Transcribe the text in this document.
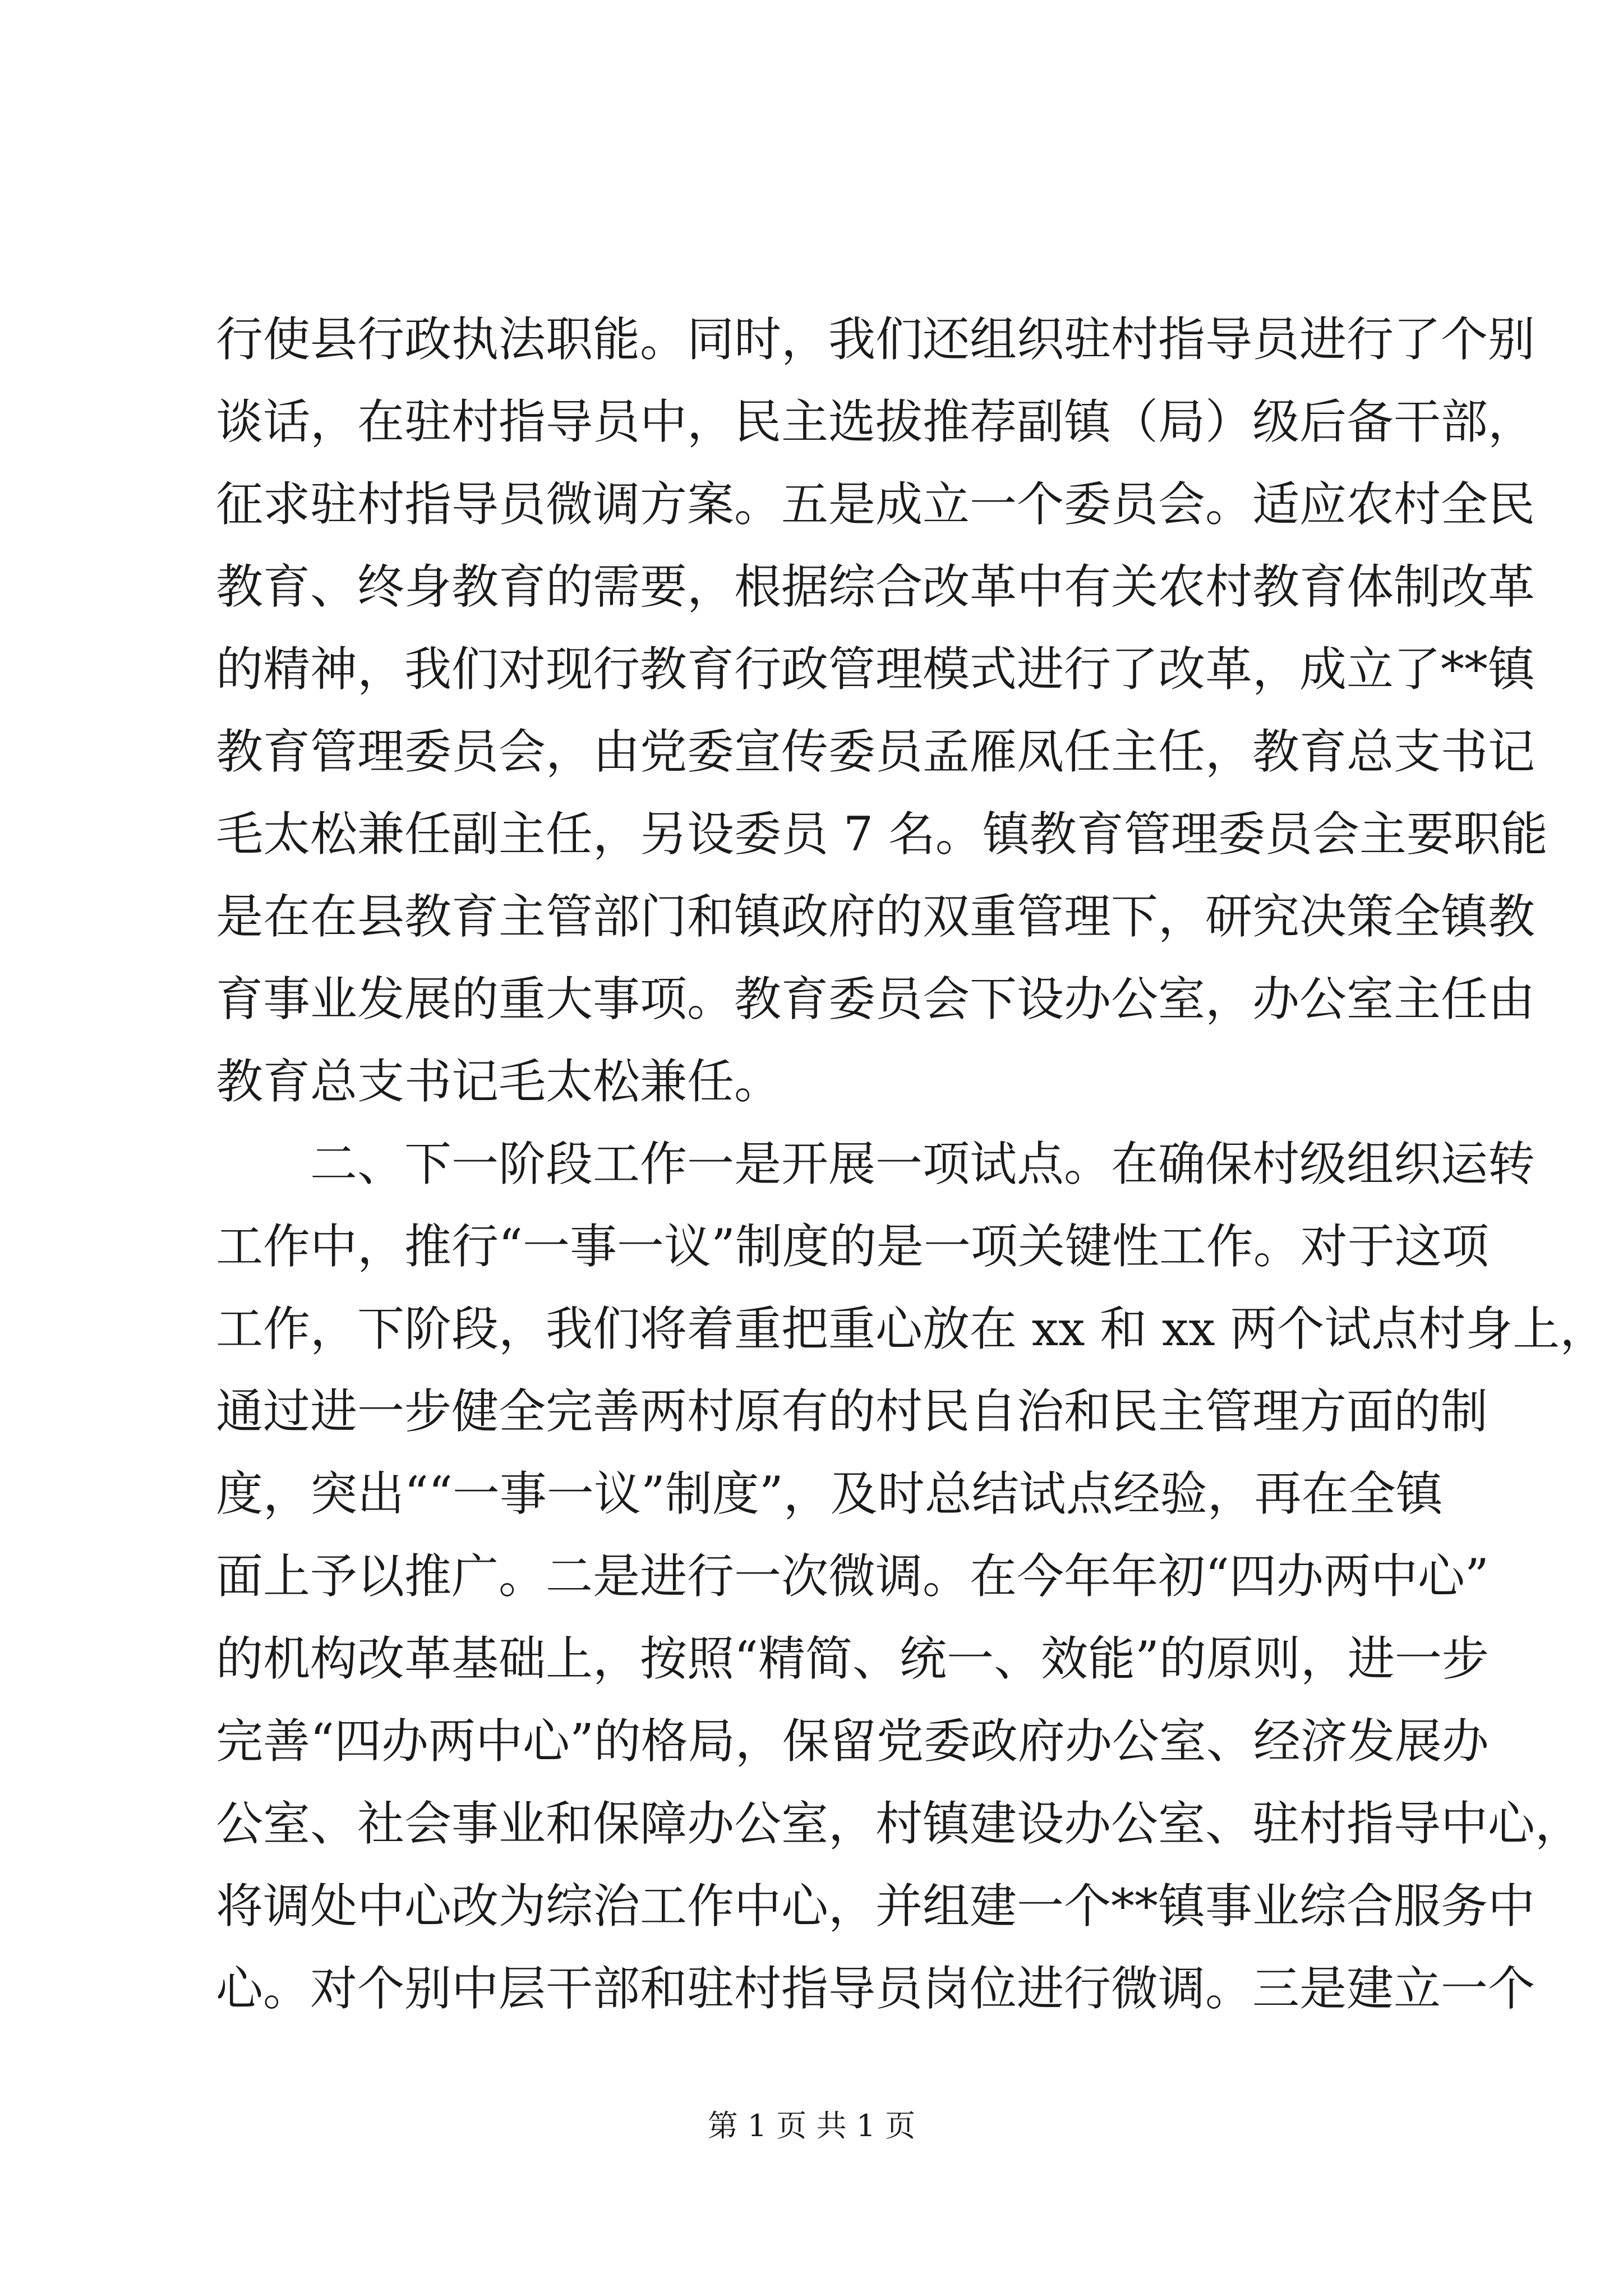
行使县行政执法职能。同时，我们还组织驻村指导员进行了个别
谈话，在驻村指导员中，民主选拔推荐副镇（局）级后备干部，
征求驻村指导员微调方案。五是成立一个委员会。适应农村全民
教育、终身教育的需要，根据综合改革中有关农村教育体制改革
的精神，我们对现行教育行政管理模式进行了改革，成立了**镇
教育管理委员会，由党委宣传委员孟雁凤任主任，教育总支书记
毛太松兼任副主任，另设委员 7 名。镇教育管理委员会主要职能
是在在县教育主管部门和镇政府的双重管理下，研究决策全镇教
育事业发展的重大事项。教育委员会下设办公室，办公室主任由
教育总支书记毛太松兼任。
　　二、下一阶段工作一是开展一项试点。在确保村级组织运转
工作中，推行“一事一议”制度的是一项关键性工作。对于这项
工作，下阶段，我们将着重把重心放在 xx 和 xx 两个试点村身上，
通过进一步健全完善两村原有的村民自治和民主管理方面的制
度，突出““一事一议”制度”，及时总结试点经验，再在全镇
面上予以推广。二是进行一次微调。在今年年初“四办两中心”
的机构改革基础上，按照“精简、统一、效能”的原则，进一步
完善“四办两中心”的格局，保留党委政府办公室、经济发展办
公室、社会事业和保障办公室，村镇建设办公室、驻村指导中心，
将调处中心改为综治工作中心，并组建一个**镇事业综合服务中
心。对个别中层干部和驻村指导员岗位进行微调。三是建立一个
第 1 页 共 1 页
